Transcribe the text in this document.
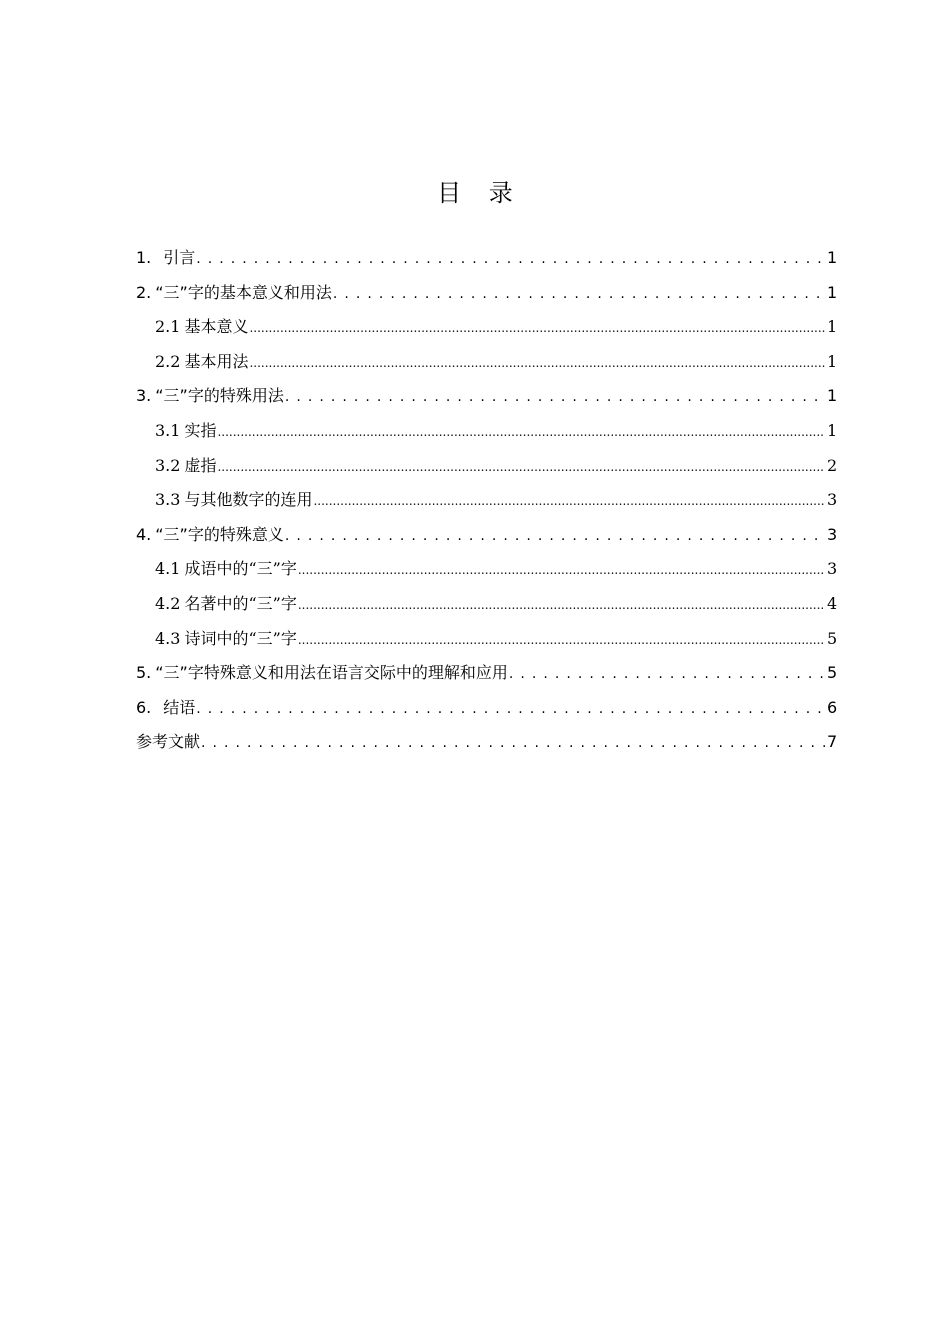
目 录
1. 引言 . . .	1
2. “三”字的基本意义和用法 . . .	1
2.1 基本意义 .....	1
2.2 基本用法 .....	1
3. “三”字的特殊用法 . . .	1
3.1 实指 .....	1
3.2 虚指 .....	2
3.3 与其他数字的连用 .....	3
4. “三”字的特殊意义 . . .	3
4.1 成语中的“三”字 .....	3
4.2 名著中的“三”字 .....	4
4.3 诗词中的“三”字 .....	5
5. “三”字特殊意义和用法在语言交际中的理解和应用 . . .	5
6. 结语 . . .	6
参考文献 . . .	7
